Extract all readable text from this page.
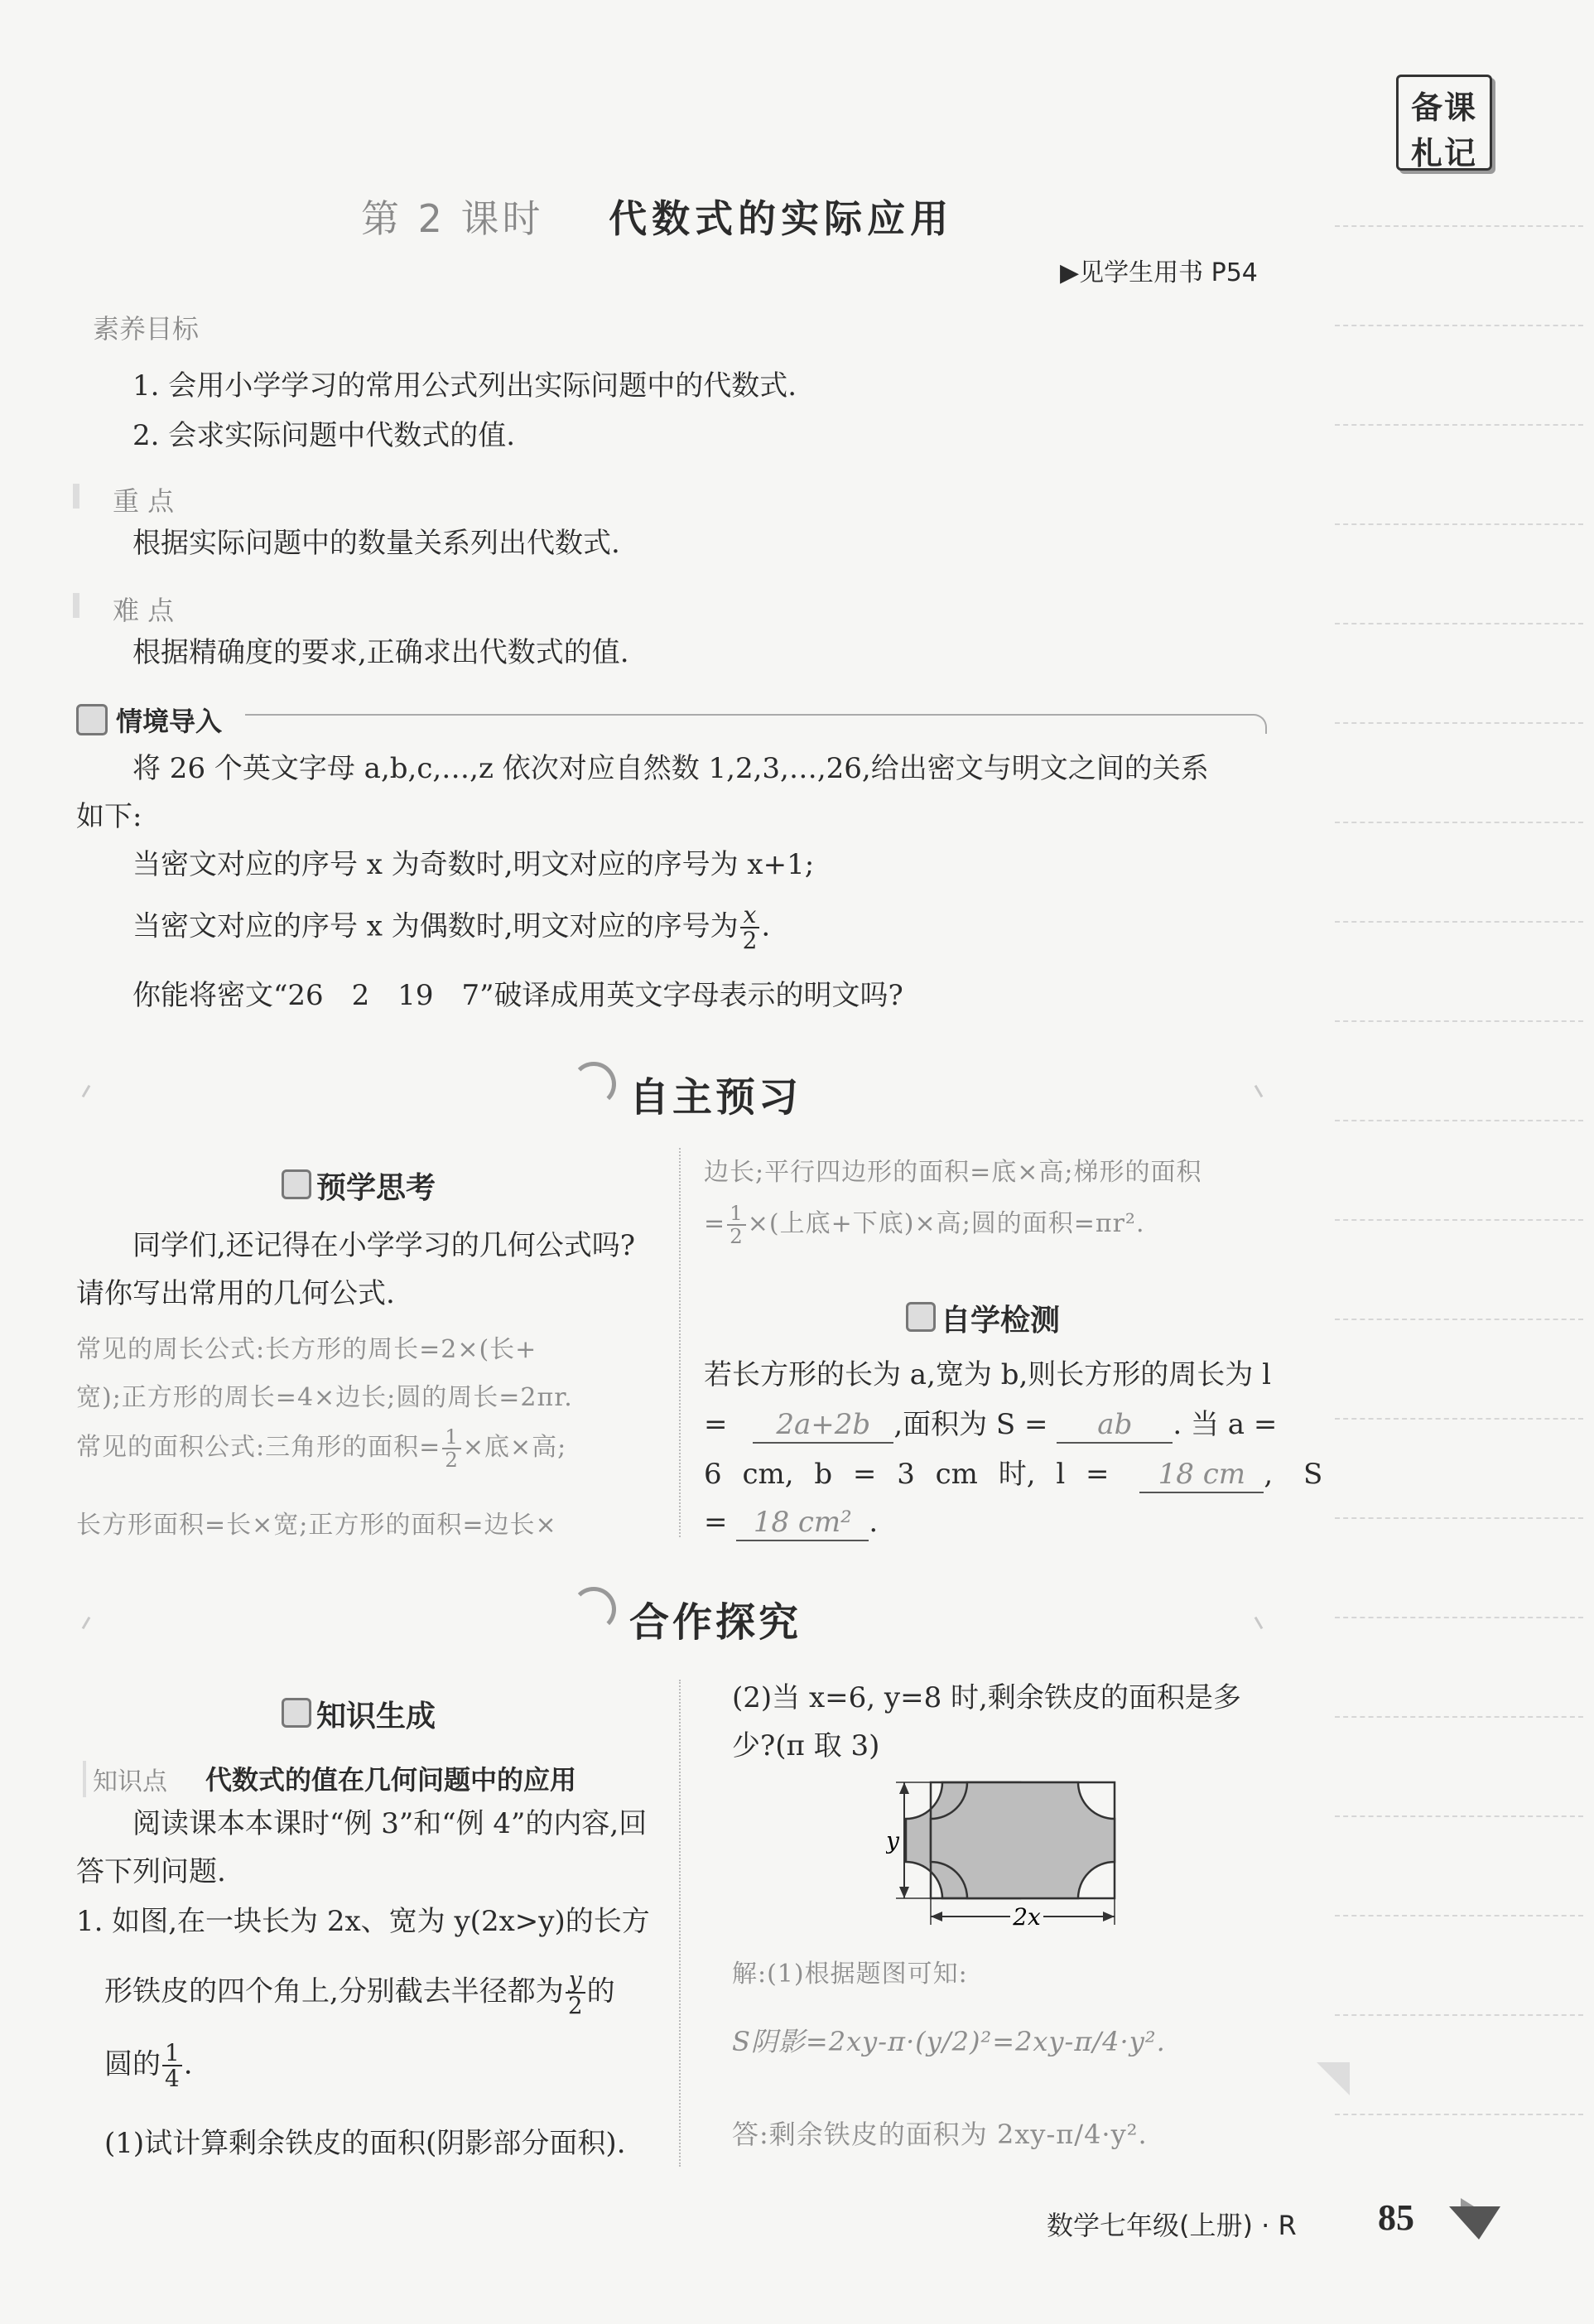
备课
札记
第 2 课时 代数式的实际应用
▶见学生用书 P54
素养目标
1. 会用小学学习的常用公式列出实际问题中的代数式.
2. 会求实际问题中代数式的值.
重 点
根据实际问题中的数量关系列出代数式.
难 点
根据精确度的要求,正确求出代数式的值.
情境导入
将 26 个英文字母 a,b,c,…,z 依次对应自然数 1,2,3,…,26,给出密文与明文之间的关系
如下:
当密文对应的序号 x 为奇数时,明文对应的序号为 x+1;
当密文对应的序号 x 为偶数时,明文对应的序号为 $\frac{x}{2}$ .
你能将密文“26　2　19　7”破译成用英文字母表示的明文吗?
自主预习
预学思考
同学们,还记得在小学学习的几何公式吗?
请你写出常用的几何公式.
常见的周长公式:长方形的周长=2×(长+
宽);正方形的周长=4×边长;圆的周长=2πr.
常见的面积公式:三角形的面积= $\frac{1}{2}$ ×底×高;
长方形面积=长×宽;正方形的面积=边长×
边长;平行四边形的面积=底×高;梯形的面积
= $\frac{1}{2}$ ×(上底+下底)×高;圆的面积=πr².
自学检测
若长方形的长为 a,宽为 b,则长方形的周长为 l
= 2a+2b ,面积为 S = ab . 当 a =
6 cm, b = 3 cm 时, l = 18 cm , S
= 18 cm² .
合作探究
知识生成
知识点 代数式的值在几何问题中的应用
阅读课本本课时“例 3”和“例 4”的内容,回
答下列问题.
1. 如图,在一块长为 2x、宽为 y(2x>y)的长方
形铁皮的四个角上,分别截去半径都为 $\frac{y}{2}$ 的
圆的 $\frac{1}{4}$ .
(1)试计算剩余铁皮的面积(阴影部分面积).
(2)当 x=6, y=8 时,剩余铁皮的面积是多
少?(π 取 3)
2x
y
解:(1)根据题图可知:
S阴影=2xy-π·(y/2)²=2xy-π/4·y².
答:剩余铁皮的面积为 2xy-π/4·y².
数学七年级(上册) · R 85
